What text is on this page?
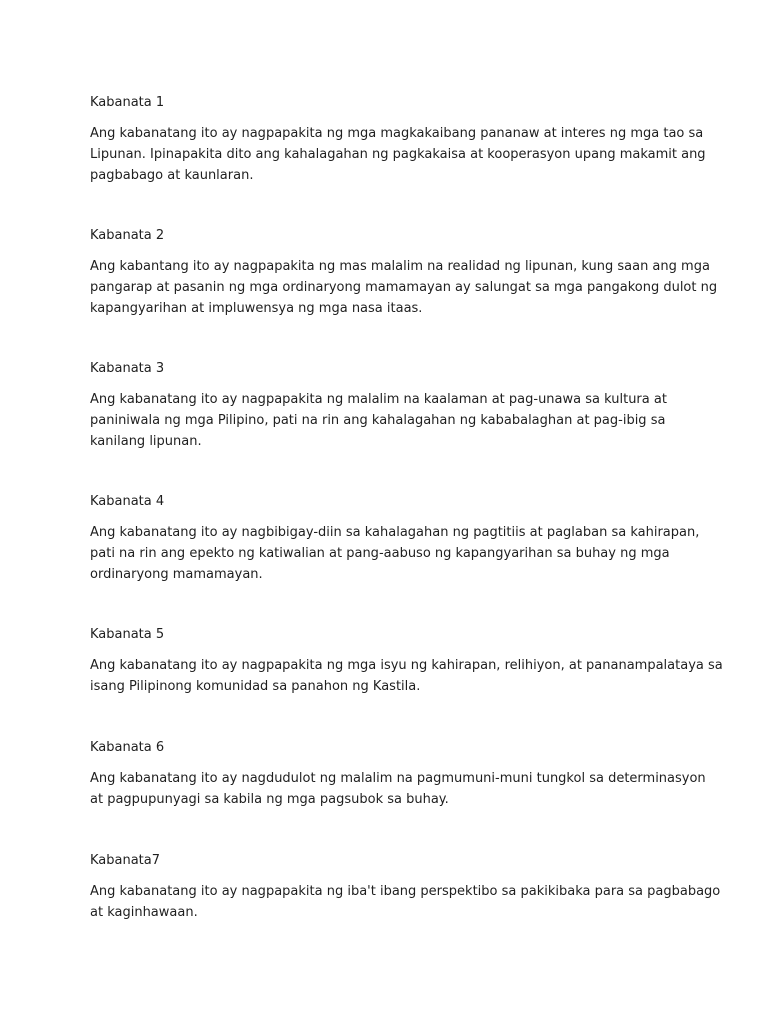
Kabanata 1

Ang kabanatang ito ay nagpapakita ng mga magkakaibang pananaw at interes ng mga tao sa
Lipunan. Ipinapakita dito ang kahalagahan ng pagkakaisa at kooperasyon upang makamit ang
pagbabago at kaunlaran.

Kabanata 2

Ang kabantang ito ay nagpapakita ng mas malalim na realidad ng lipunan, kung saan ang mga
pangarap at pasanin ng mga ordinaryong mamamayan ay salungat sa mga pangakong dulot ng
kapangyarihan at impluwensya ng mga nasa itaas.

Kabanata 3

Ang kabanatang ito ay nagpapakita ng malalim na kaalaman at pag-unawa sa kultura at
paniniwala ng mga Pilipino, pati na rin ang kahalagahan ng kababalaghan at pag-ibig sa
kanilang lipunan.

Kabanata 4

Ang kabanatang ito ay nagbibigay-diin sa kahalagahan ng pagtitiis at paglaban sa kahirapan,
pati na rin ang epekto ng katiwalian at pang-aabuso ng kapangyarihan sa buhay ng mga
ordinaryong mamamayan.

Kabanata 5

Ang kabanatang ito ay nagpapakita ng mga isyu ng kahirapan, relihiyon, at pananampalataya sa
isang Pilipinong komunidad sa panahon ng Kastila.

Kabanata 6

Ang kabanatang ito ay nagdudulot ng malalim na pagmumuni-muni tungkol sa determinasyon
at pagpupunyagi sa kabila ng mga pagsubok sa buhay.

Kabanata7

Ang kabanatang ito ay nagpapakita ng iba't ibang perspektibo sa pakikibaka para sa pagbabago
at kaginhawaan.
